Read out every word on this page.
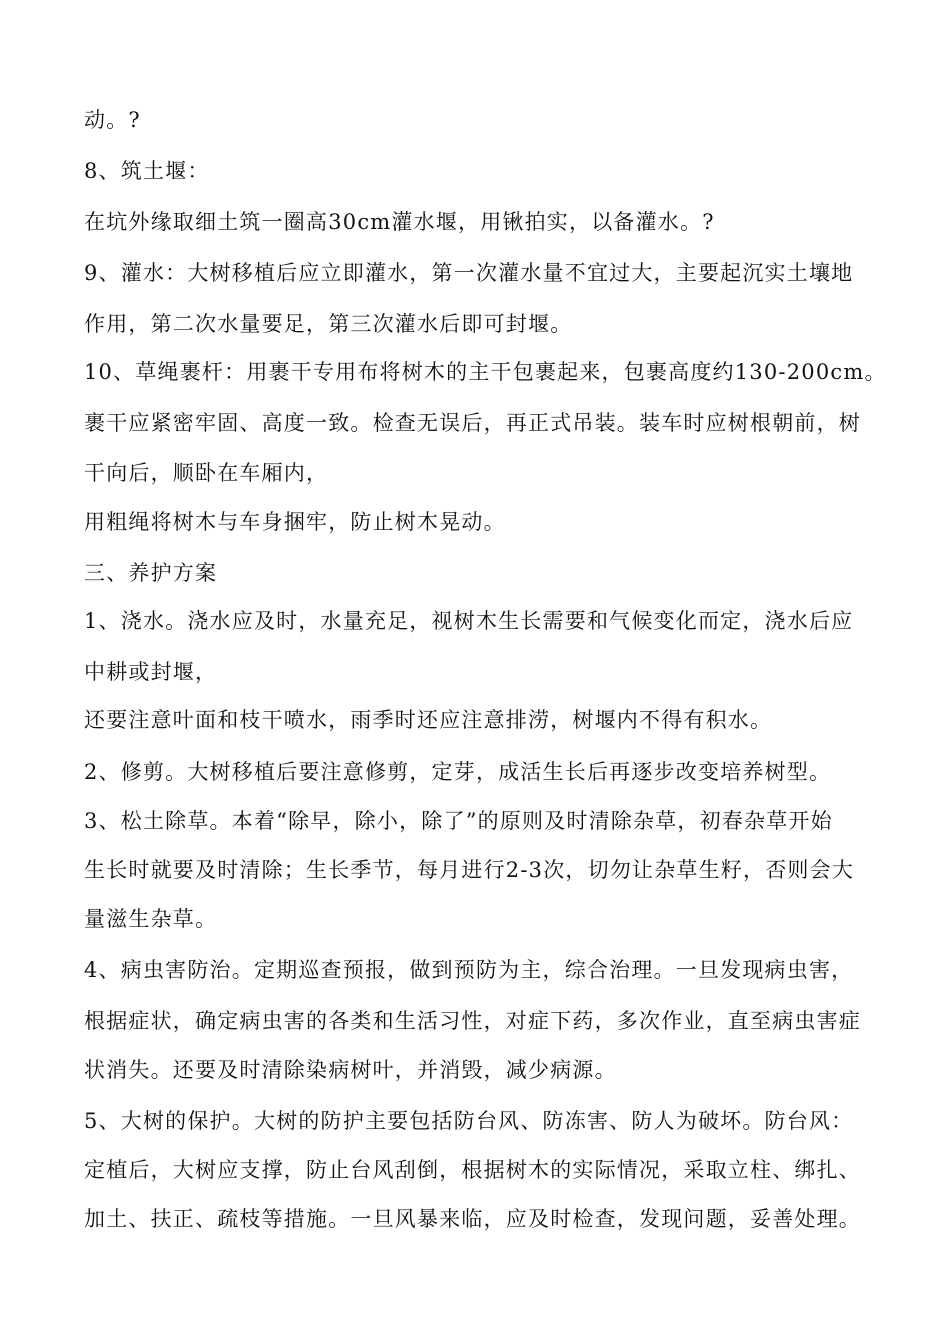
动。?
8、筑土堰：
在坑外缘取细土筑一圈高30cm灌水堰，用锹拍实，以备灌水。?
9、灌水：大树移植后应立即灌水，第一次灌水量不宜过大，主要起沉实土壤地
作用，第二次水量要足，第三次灌水后即可封堰。
10、草绳裹杆：用裹干专用布将树木的主干包裹起来，包裹高度约130-200cm。
裹干应紧密牢固、高度一致。检查无误后，再正式吊装。装车时应树根朝前，树
干向后，顺卧在车厢内，
用粗绳将树木与车身捆牢，防止树木晃动。
三、养护方案
1、浇水。浇水应及时，水量充足，视树木生长需要和气候变化而定，浇水后应
中耕或封堰，
还要注意叶面和枝干喷水，雨季时还应注意排涝，树堰内不得有积水。
2、修剪。大树移植后要注意修剪，定芽，成活生长后再逐步改变培养树型。
3、松土除草。本着“除早，除小，除了”的原则及时清除杂草，初春杂草开始
生长时就要及时清除；生长季节，每月进行2-3次，切勿让杂草生籽，否则会大
量滋生杂草。
4、病虫害防治。定期巡查预报，做到预防为主，综合治理。一旦发现病虫害，
根据症状，确定病虫害的各类和生活习性，对症下药，多次作业，直至病虫害症
状消失。还要及时清除染病树叶，并消毁，减少病源。
5、大树的保护。大树的防护主要包括防台风、防冻害、防人为破坏。防台风：
定植后，大树应支撑，防止台风刮倒，根据树木的实际情况，采取立柱、绑扎、
加土、扶正、疏枝等措施。一旦风暴来临，应及时检查，发现问题，妥善处理。
